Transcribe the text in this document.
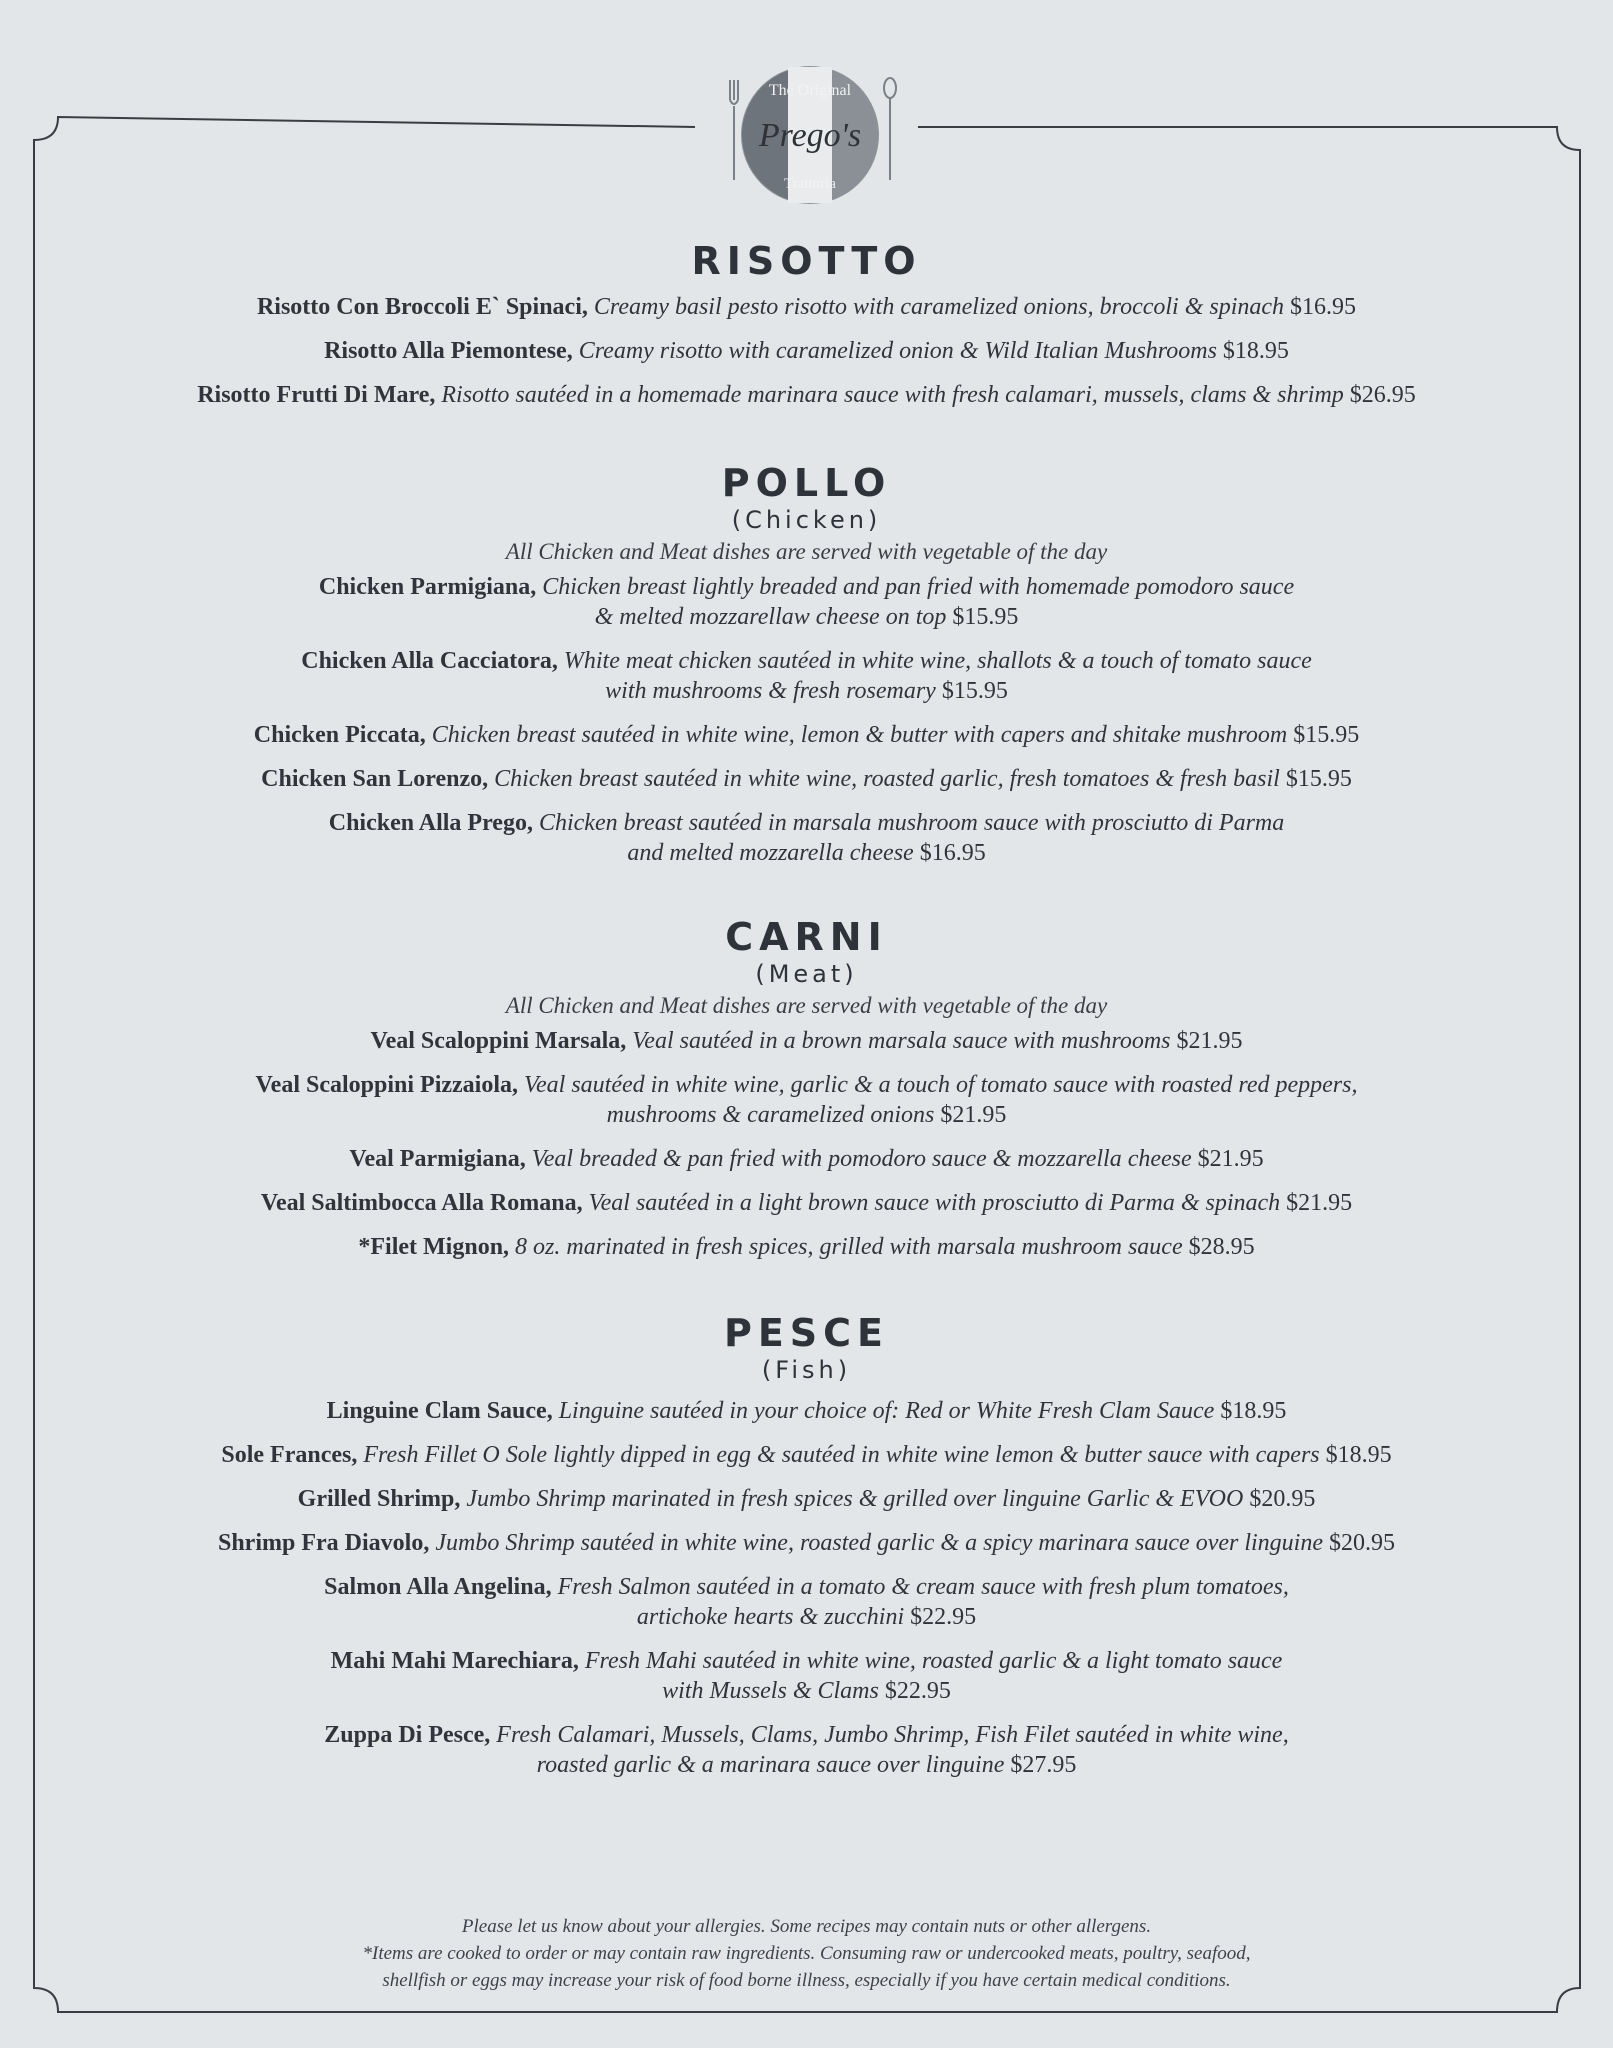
The Original
Prego's
Trattoria
RISOTTO

Risotto Con Broccoli E` Spinaci, Creamy basil pesto risotto with caramelized onions, broccoli & spinach $16.95

Risotto Alla Piemontese, Creamy risotto with caramelized onion & Wild Italian Mushrooms $18.95

Risotto Frutti Di Mare, Risotto sautéed in a homemade marinara sauce with fresh calamari, mussels, clams & shrimp $26.95

POLLO

(Chicken)

All Chicken and Meat dishes are served with vegetable of the day

Chicken Parmigiana, Chicken breast lightly breaded and pan fried with homemade pomodoro sauce
& melted mozzarellaw cheese on top $15.95

Chicken Alla Cacciatora, White meat chicken sautéed in white wine, shallots & a touch of tomato sauce
with mushrooms & fresh rosemary $15.95

Chicken Piccata, Chicken breast sautéed in white wine, lemon & butter with capers and shitake mushroom $15.95

Chicken San Lorenzo, Chicken breast sautéed in white wine, roasted garlic, fresh tomatoes & fresh basil $15.95

Chicken Alla Prego, Chicken breast sautéed in marsala mushroom sauce with prosciutto di Parma
and melted mozzarella cheese $16.95

CARNI

(Meat)

All Chicken and Meat dishes are served with vegetable of the day

Veal Scaloppini Marsala, Veal sautéed in a brown marsala sauce with mushrooms $21.95

Veal Scaloppini Pizzaiola, Veal sautéed in white wine, garlic & a touch of tomato sauce with roasted red peppers,
mushrooms & caramelized onions $21.95

Veal Parmigiana, Veal breaded & pan fried with pomodoro sauce & mozzarella cheese $21.95

Veal Saltimbocca Alla Romana, Veal sautéed in a light brown sauce with prosciutto di Parma & spinach $21.95

*Filet Mignon, 8 oz. marinated in fresh spices, grilled with marsala mushroom sauce $28.95

PESCE

(Fish)

Linguine Clam Sauce, Linguine sautéed in your choice of: Red or White Fresh Clam Sauce $18.95

Sole Frances, Fresh Fillet O Sole lightly dipped in egg & sautéed in white wine lemon & butter sauce with capers $18.95

Grilled Shrimp, Jumbo Shrimp marinated in fresh spices & grilled over linguine Garlic & EVOO $20.95

Shrimp Fra Diavolo, Jumbo Shrimp sautéed in white wine, roasted garlic & a spicy marinara sauce over linguine $20.95

Salmon Alla Angelina, Fresh Salmon sautéed in a tomato & cream sauce with fresh plum tomatoes,
artichoke hearts & zucchini $22.95

Mahi Mahi Marechiara, Fresh Mahi sautéed in white wine, roasted garlic & a light tomato sauce
with Mussels & Clams $22.95

Zuppa Di Pesce, Fresh Calamari, Mussels, Clams, Jumbo Shrimp, Fish Filet sautéed in white wine,
roasted garlic & a marinara sauce over linguine $27.95

Please let us know about your allergies. Some recipes may contain nuts or other allergens.

*Items are cooked to order or may contain raw ingredients. Consuming raw or undercooked meats, poultry, seafood,

shellfish or eggs may increase your risk of food borne illness, especially if you have certain medical conditions.
